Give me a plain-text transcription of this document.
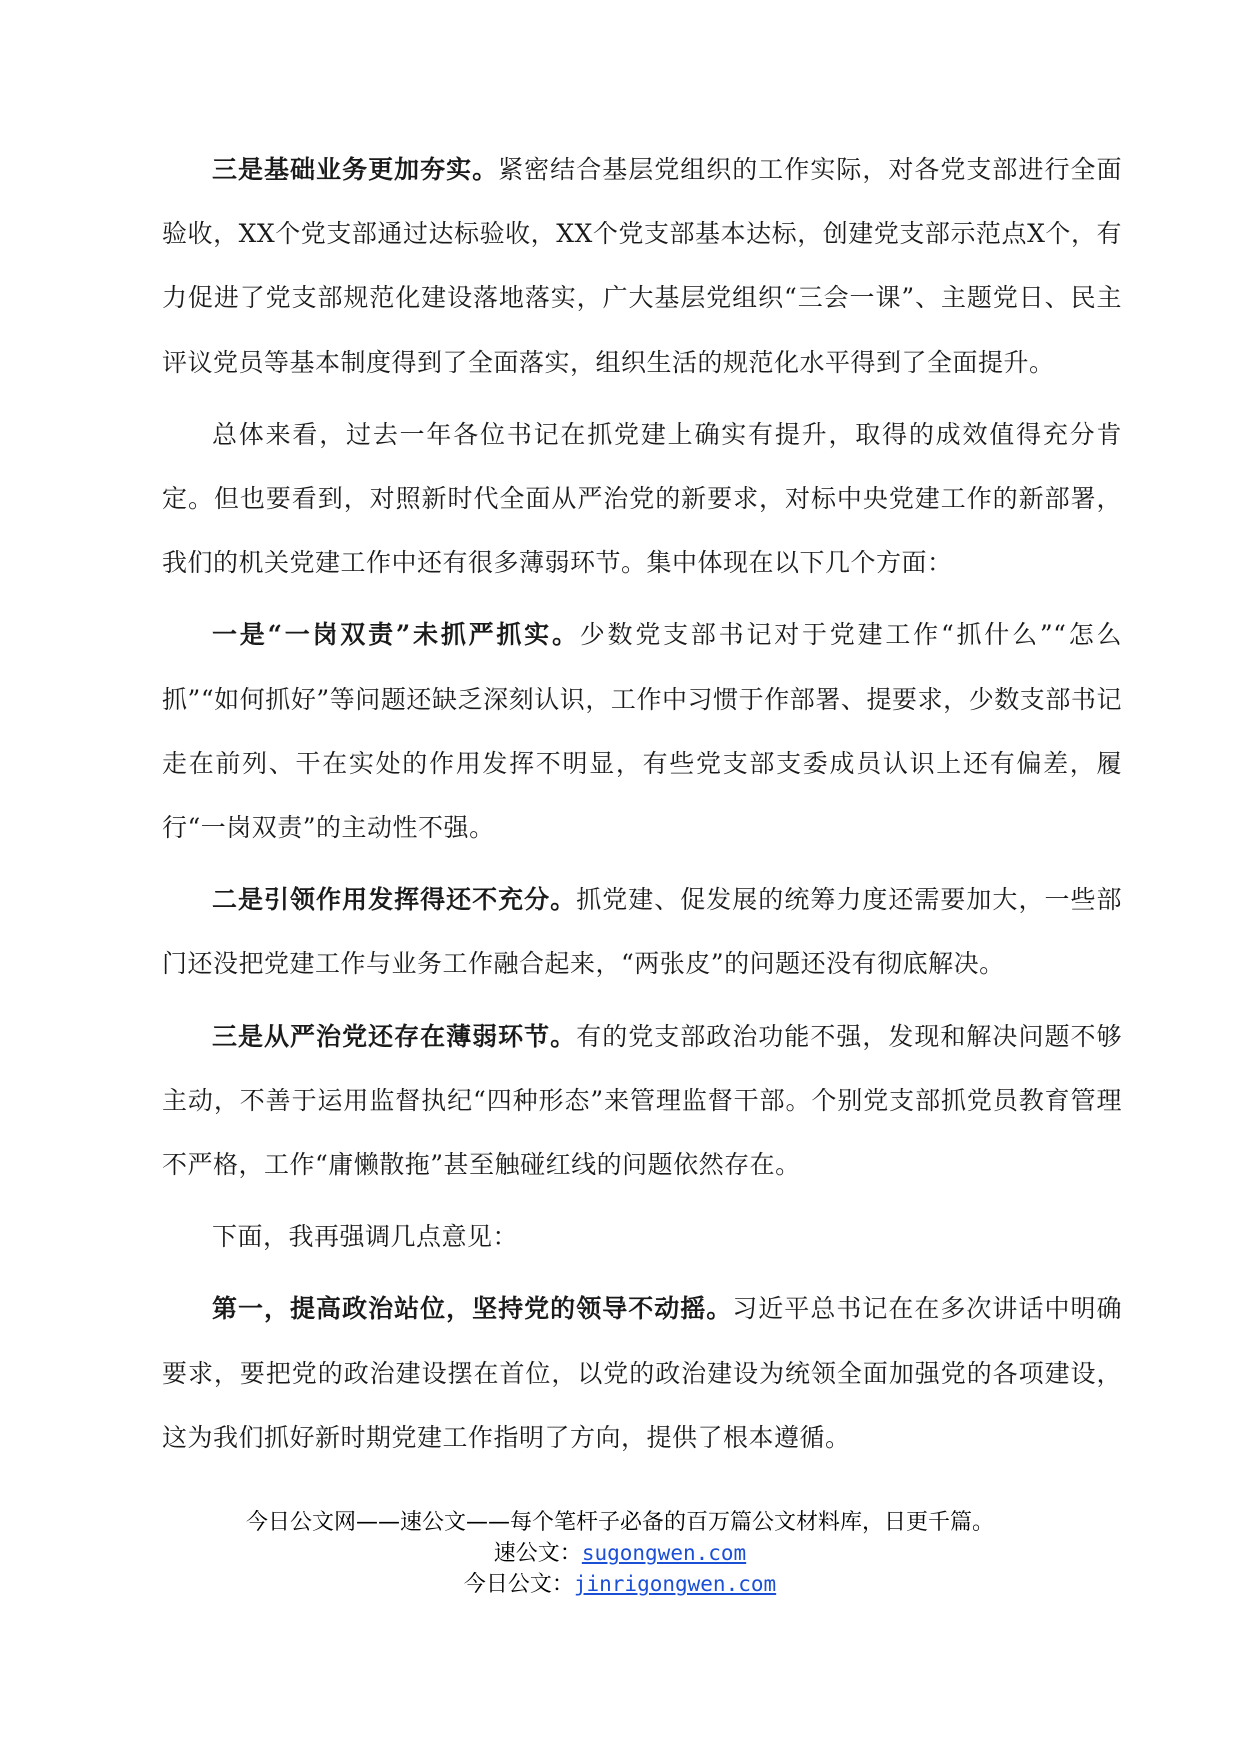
三是基础业务更加夯实。紧密结合基层党组织的工作实际，对各党支部进行全面验收，XX个党支部通过达标验收，XX个党支部基本达标，创建党支部示范点X个，有力促进了党支部规范化建设落地落实，广大基层党组织“三会一课”、主题党日、民主评议党员等基本制度得到了全面落实，组织生活的规范化水平得到了全面提升。

总体来看，过去一年各位书记在抓党建上确实有提升，取得的成效值得充分肯定。但也要看到，对照新时代全面从严治党的新要求，对标中央党建工作的新部署，我们的机关党建工作中还有很多薄弱环节。集中体现在以下几个方面：

一是“一岗双责”未抓严抓实。少数党支部书记对于党建工作“抓什么”“怎么抓”“如何抓好”等问题还缺乏深刻认识，工作中习惯于作部署、提要求，少数支部书记走在前列、干在实处的作用发挥不明显，有些党支部支委成员认识上还有偏差，履行“一岗双责”的主动性不强。

二是引领作用发挥得还不充分。抓党建、促发展的统筹力度还需要加大，一些部门还没把党建工作与业务工作融合起来，“两张皮”的问题还没有彻底解决。

三是从严治党还存在薄弱环节。有的党支部政治功能不强，发现和解决问题不够主动，不善于运用监督执纪“四种形态”来管理监督干部。个别党支部抓党员教育管理不严格，工作“庸懒散拖”甚至触碰红线的问题依然存在。

下面，我再强调几点意见：

第一，提高政治站位，坚持党的领导不动摇。习近平总书记在在多次讲话中明确要求，要把党的政治建设摆在首位，以党的政治建设为统领全面加强党的各项建设，这为我们抓好新时期党建工作指明了方向，提供了根本遵循。

今日公文网——速公文——每个笔杆子必备的百万篇公文材料库，日更千篇。
速公文：sugongwen.com
今日公文：jinrigongwen.com
